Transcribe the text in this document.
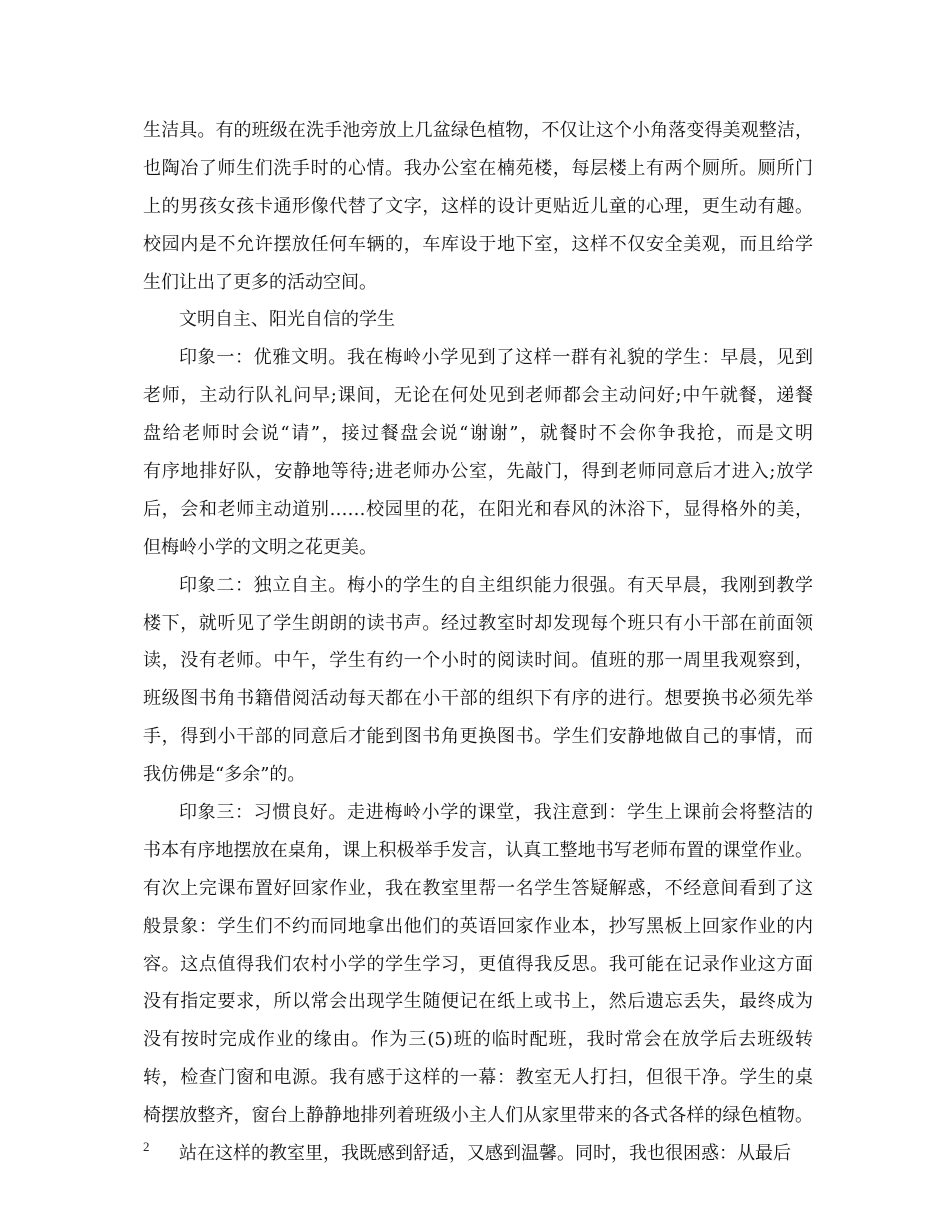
生洁具。有的班级在洗手池旁放上几盆绿色植物，不仅让这个小角落变得美观整洁，
也陶冶了师生们洗手时的心情。我办公室在楠苑楼，每层楼上有两个厕所。厕所门
上的男孩女孩卡通形像代替了文字，这样的设计更贴近儿童的心理，更生动有趣。
校园内是不允许摆放任何车辆的，车库设于地下室，这样不仅安全美观，而且给学
生们让出了更多的活动空间。
文明自主、阳光自信的学生
印象一：优雅文明。我在梅岭小学见到了这样一群有礼貌的学生：早晨，见到
老师，主动行队礼问早;课间，无论在何处见到老师都会主动问好;中午就餐，递餐
盘给老师时会说“请”，接过餐盘会说“谢谢”，就餐时不会你争我抢，而是文明
有序地排好队，安静地等待;进老师办公室，先敲门，得到老师同意后才进入;放学
后，会和老师主动道别……校园里的花，在阳光和春风的沐浴下，显得格外的美，
但梅岭小学的文明之花更美。
印象二：独立自主。梅小的学生的自主组织能力很强。有天早晨，我刚到教学
楼下，就听见了学生朗朗的读书声。经过教室时却发现每个班只有小干部在前面领
读，没有老师。中午，学生有约一个小时的阅读时间。值班的那一周里我观察到，
班级图书角书籍借阅活动每天都在小干部的组织下有序的进行。想要换书必须先举
手，得到小干部的同意后才能到图书角更换图书。学生们安静地做自己的事情，而
我仿佛是“多余”的。
印象三：习惯良好。走进梅岭小学的课堂，我注意到：学生上课前会将整洁的
书本有序地摆放在桌角，课上积极举手发言，认真工整地书写老师布置的课堂作业。
有次上完课布置好回家作业，我在教室里帮一名学生答疑解惑，不经意间看到了这
般景象：学生们不约而同地拿出他们的英语回家作业本，抄写黑板上回家作业的内
容。这点值得我们农村小学的学生学习，更值得我反思。我可能在记录作业这方面
没有指定要求，所以常会出现学生随便记在纸上或书上，然后遗忘丢失，最终成为
没有按时完成作业的缘由。作为三(5)班的临时配班，我时常会在放学后去班级转
转，检查门窗和电源。我有感于这样的一幕：教室无人打扫，但很干净。学生的桌
椅摆放整齐，窗台上静静地排列着班级小主人们从家里带来的各式各样的绿色植物。
站在这样的教室里，我既感到舒适，又感到温馨。同时，我也很困惑：从最后
2
